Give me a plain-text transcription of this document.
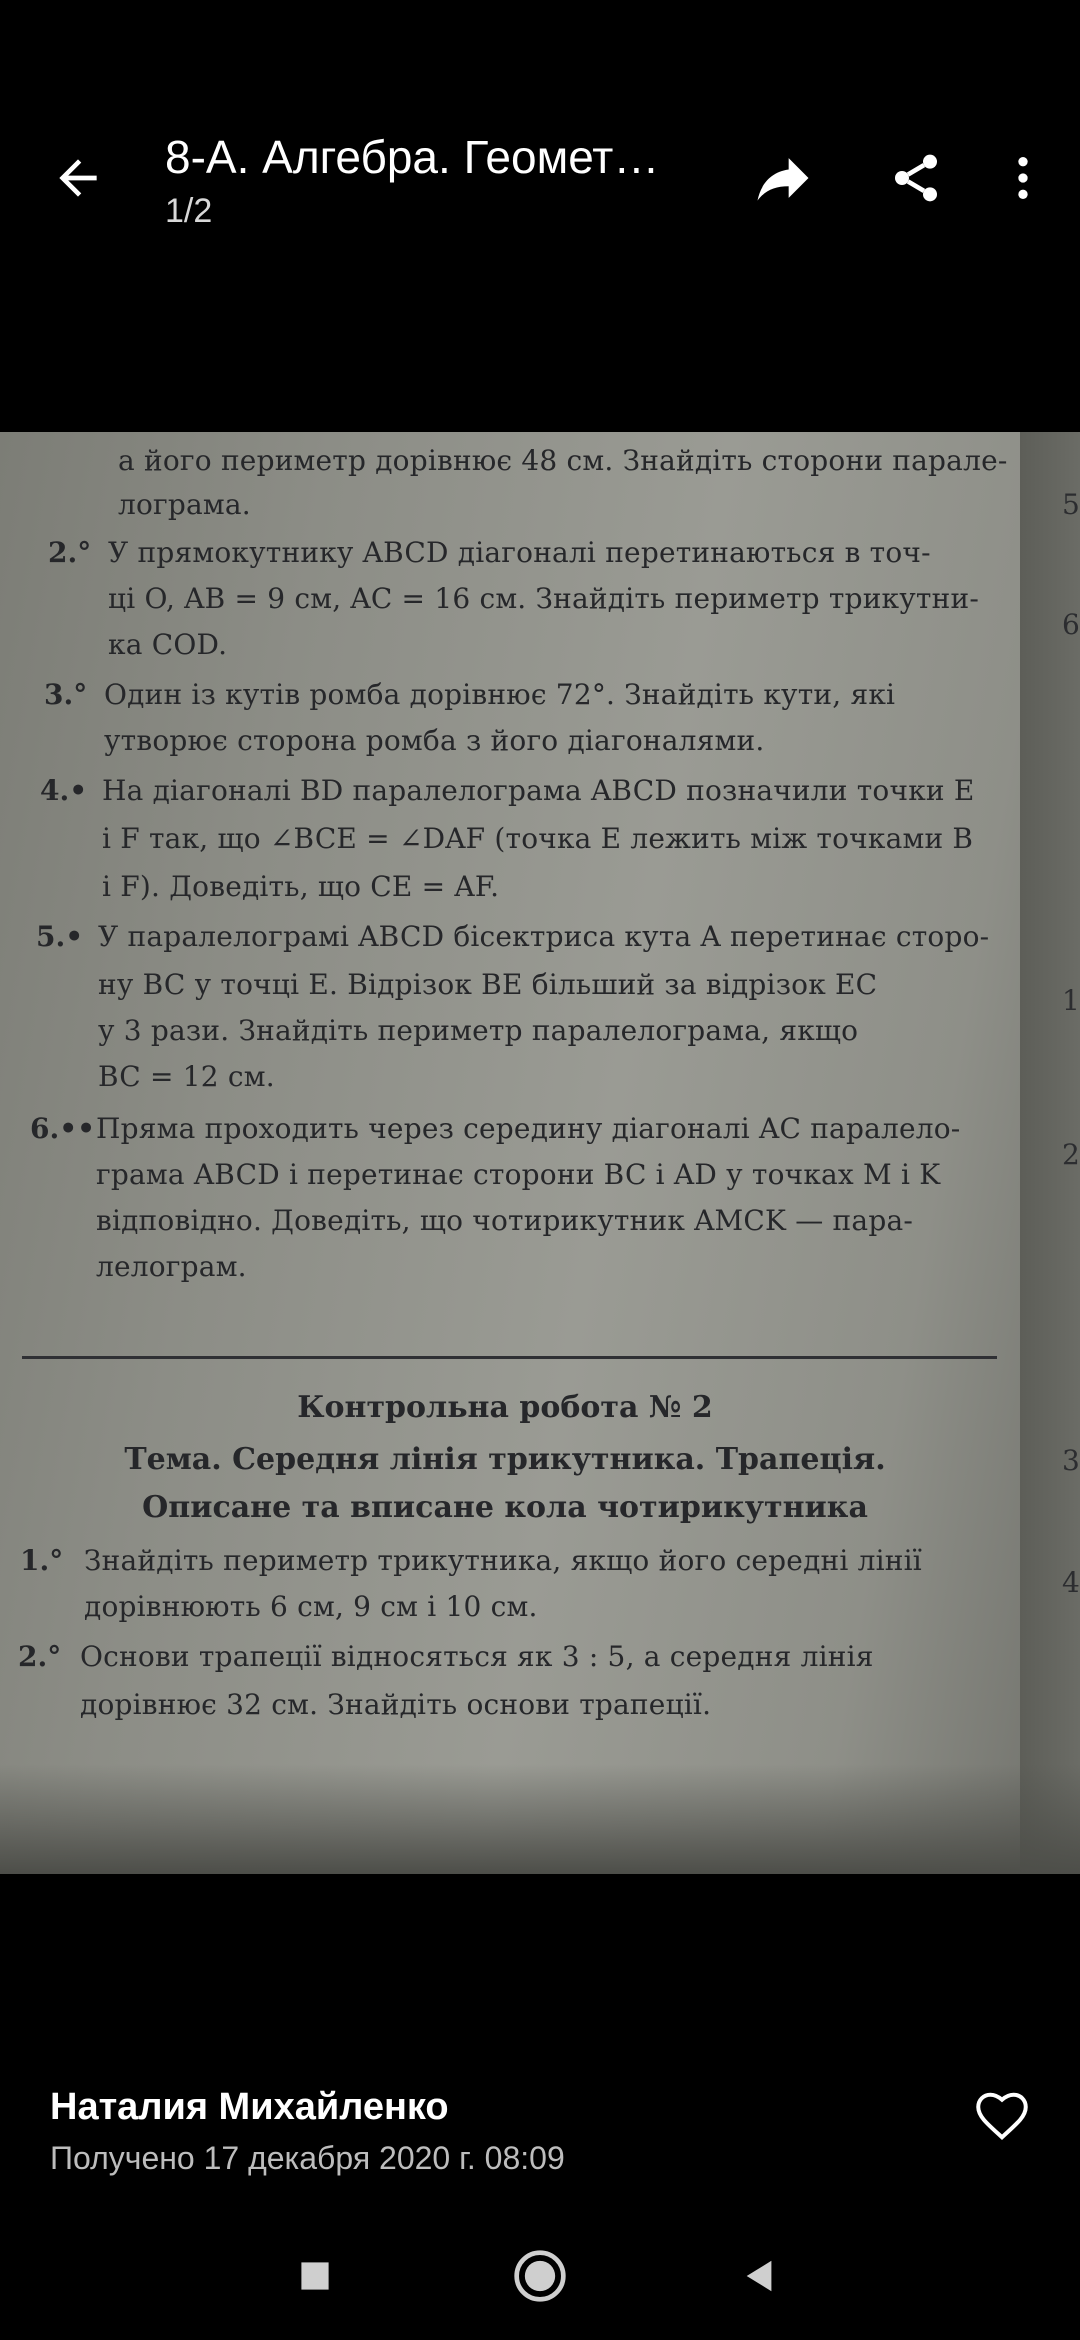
8-А. Алгебра. Геомет…
1/2
а його периметр дорівнює 48 см. Знайдіть сторони парале-
лограма.
2.° У прямокутнику ABCD діагоналі перетинаються в точ-
ці O, AB = 9 см, AC = 16 см. Знайдіть периметр трикутни-
ка COD.
3.° Один із кутів ромба дорівнює 72°. Знайдіть кути, які
утворює сторона ромба з його діагоналями.
4.• На діагоналі BD паралелограма ABCD позначили точки E
і F так, що ∠BCE = ∠DAF (точка E лежить між точками B
і F). Доведіть, що CE = AF.
5.• У паралелограмі ABCD бісектриса кута A перетинає сторо-
ну BC у точці E. Відрізок BE більший за відрізок EC
у 3 рази. Знайдіть периметр паралелограма, якщо
BC = 12 см.
6.•• Пряма проходить через середину діагоналі AC паралело-
грама ABCD і перетинає сторони BC і AD у точках M і K
відповідно. Доведіть, що чотирикутник AMCK — пара-
лелограм.
Контрольна робота № 2
Тема. Середня лінія трикутника. Трапеція.
Описане та вписане кола чотирикутника
1.° Знайдіть периметр трикутника, якщо його середні лінії
дорівнюють 6 см, 9 см і 10 см.
2.° Основи трапеції відносяться як 3 : 5, а середня лінія
дорівнює 32 см. Знайдіть основи трапеції.
5
6
1
2
3
4
Наталия Михайленко
Получено 17 декабря 2020 г. 08:09
